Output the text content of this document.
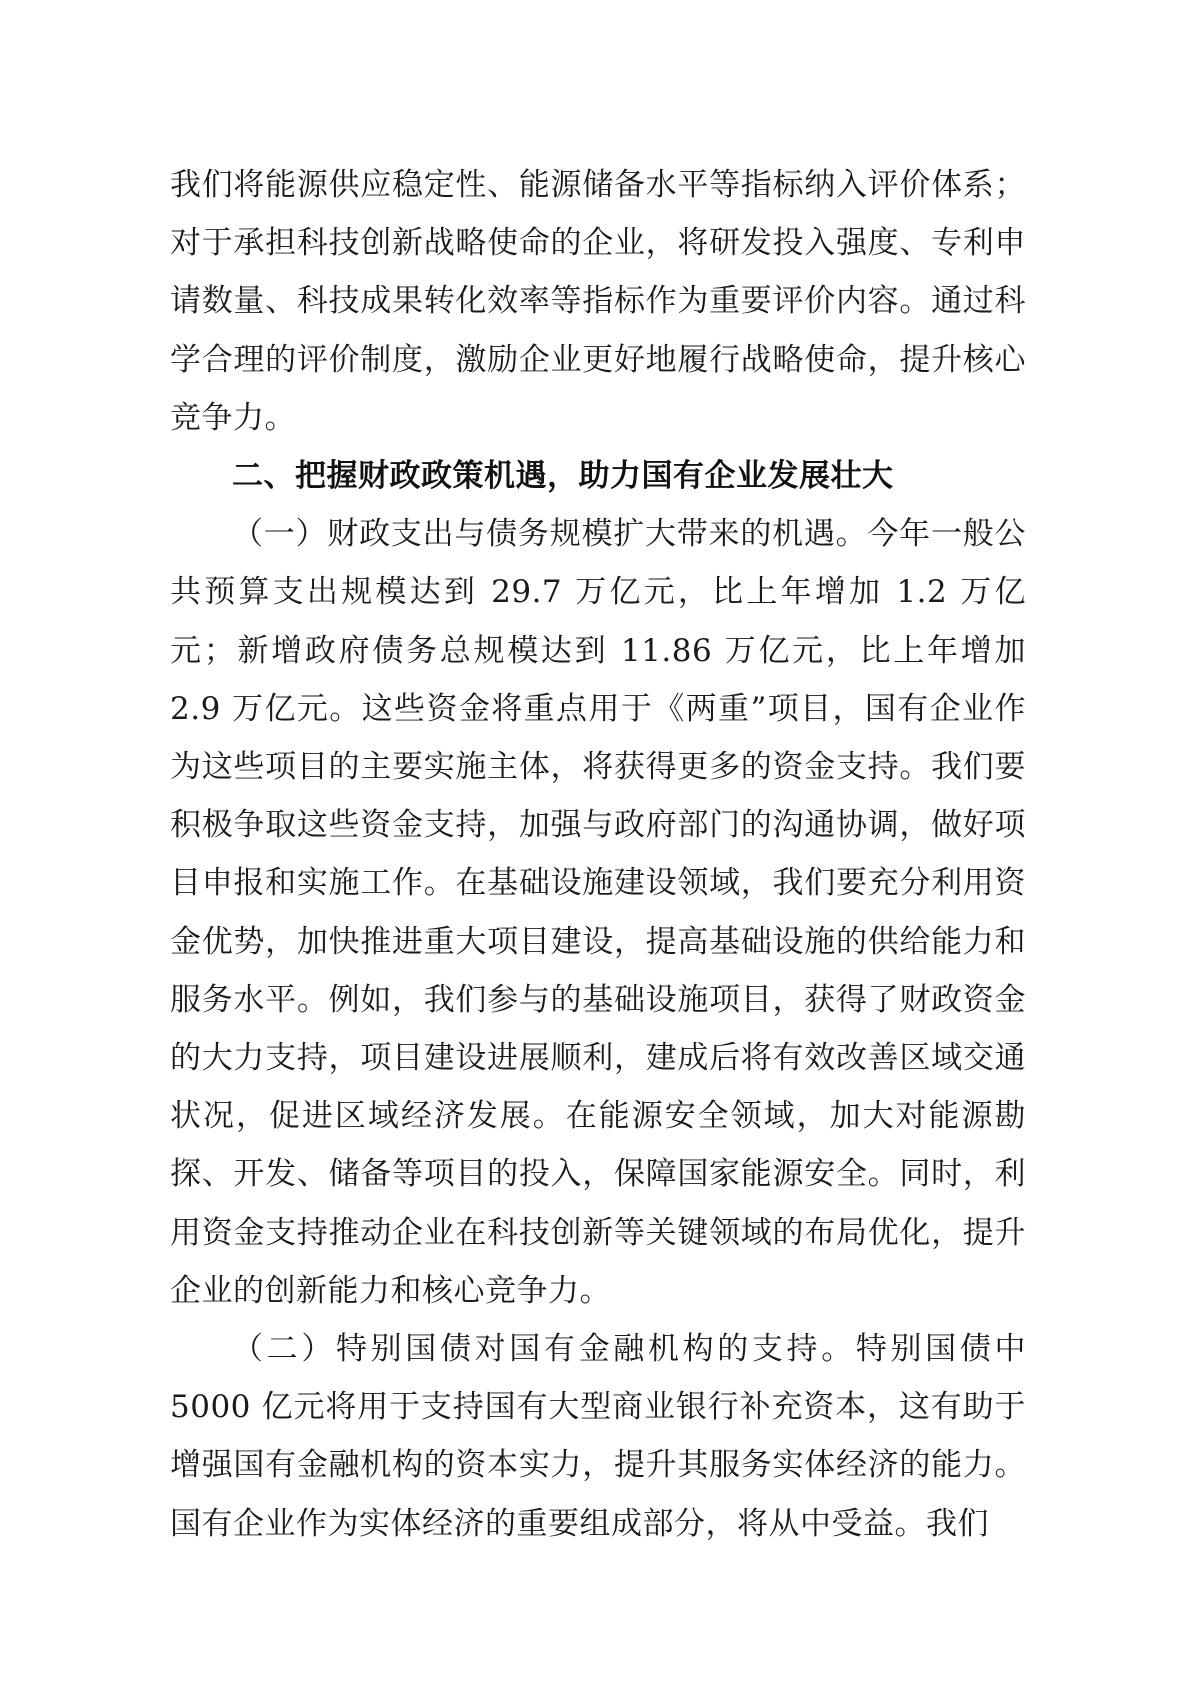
我们将能源供应稳定性、能源储备水平等指标纳入评价体系；对于承担科技创新战略使命的企业，将研发投入强度、专利申请数量、科技成果转化效率等指标作为重要评价内容。通过科学合理的评价制度，激励企业更好地履行战略使命，提升核心竞争力。

二、把握财政政策机遇，助力国有企业发展壮大

（一）财政支出与债务规模扩大带来的机遇。今年一般公共预算支出规模达到 29.7 万亿元，比上年增加 1.2 万亿元；新增政府债务总规模达到 11.86 万亿元，比上年增加 2.9 万亿元。这些资金将重点用于《两重”项目，国有企业作为这些项目的主要实施主体，将获得更多的资金支持。我们要积极争取这些资金支持，加强与政府部门的沟通协调，做好项目申报和实施工作。在基础设施建设领域，我们要充分利用资金优势，加快推进重大项目建设，提高基础设施的供给能力和服务水平。例如，我们参与的基础设施项目，获得了财政资金的大力支持，项目建设进展顺利，建成后将有效改善区域交通状况，促进区域经济发展。在能源安全领域，加大对能源勘探、开发、储备等项目的投入，保障国家能源安全。同时，利用资金支持推动企业在科技创新等关键领域的布局优化，提升企业的创新能力和核心竞争力。

（二）特别国债对国有金融机构的支持。特别国债中5000 亿元将用于支持国有大型商业银行补充资本，这有助于增强国有金融机构的资本实力，提升其服务实体经济的能力。国有企业作为实体经济的重要组成部分，将从中受益。我们
